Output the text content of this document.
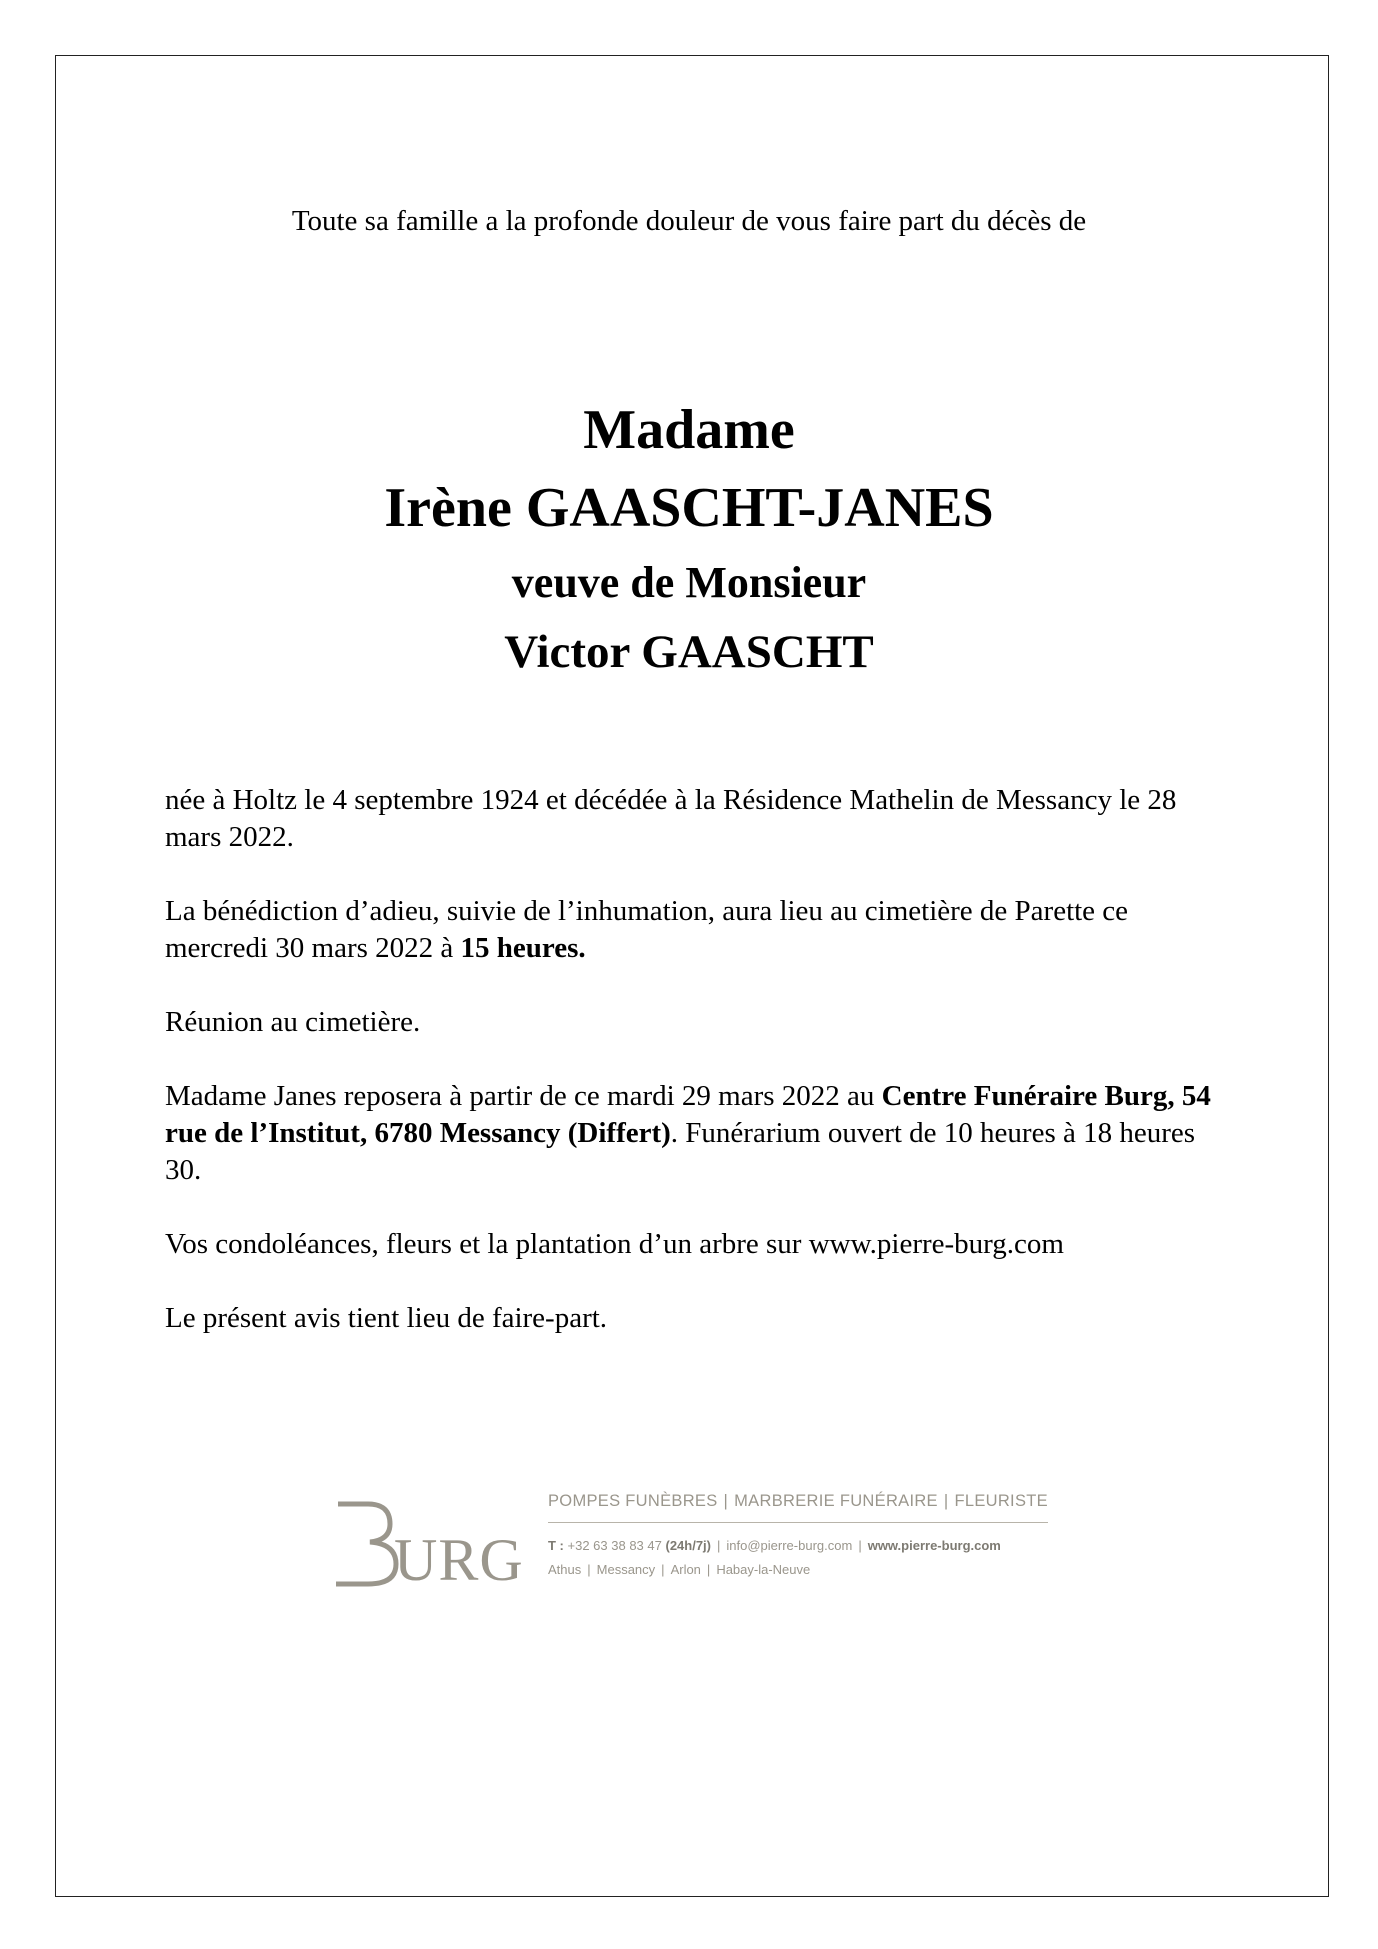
Toute sa famille a la profonde douleur de vous faire part du décès de
Madame
Irène GAASCHT-JANES
veuve de Monsieur
Victor GAASCHT

née à Holtz le 4 septembre 1924 et décédée à la Résidence Mathelin de Messancy le 28 mars 2022.

La bénédiction d’adieu, suivie de l’inhumation, aura lieu au cimetière de Parette ce mercredi 30 mars 2022 à 15 heures.

Réunion au cimetière.

Madame Janes reposera à partir de ce mardi 29 mars 2022 au Centre Funéraire Burg, 54 rue de l’Institut, 6780 Messancy (Differt). Funérarium ouvert de 10 heures à 18 heures 30.

Vos condoléances, fleurs et la plantation d’un arbre sur www.pierre-burg.com

Le présent avis tient lieu de faire-part.

URG
POMPES FUNÈBRES | MARBRERIE FUNÉRAIRE | FLEURISTE
T : +32 63 38 83 47 (24h/7j) | info@pierre-burg.com | www.pierre-burg.com
Athus | Messancy | Arlon | Habay-la-Neuve
